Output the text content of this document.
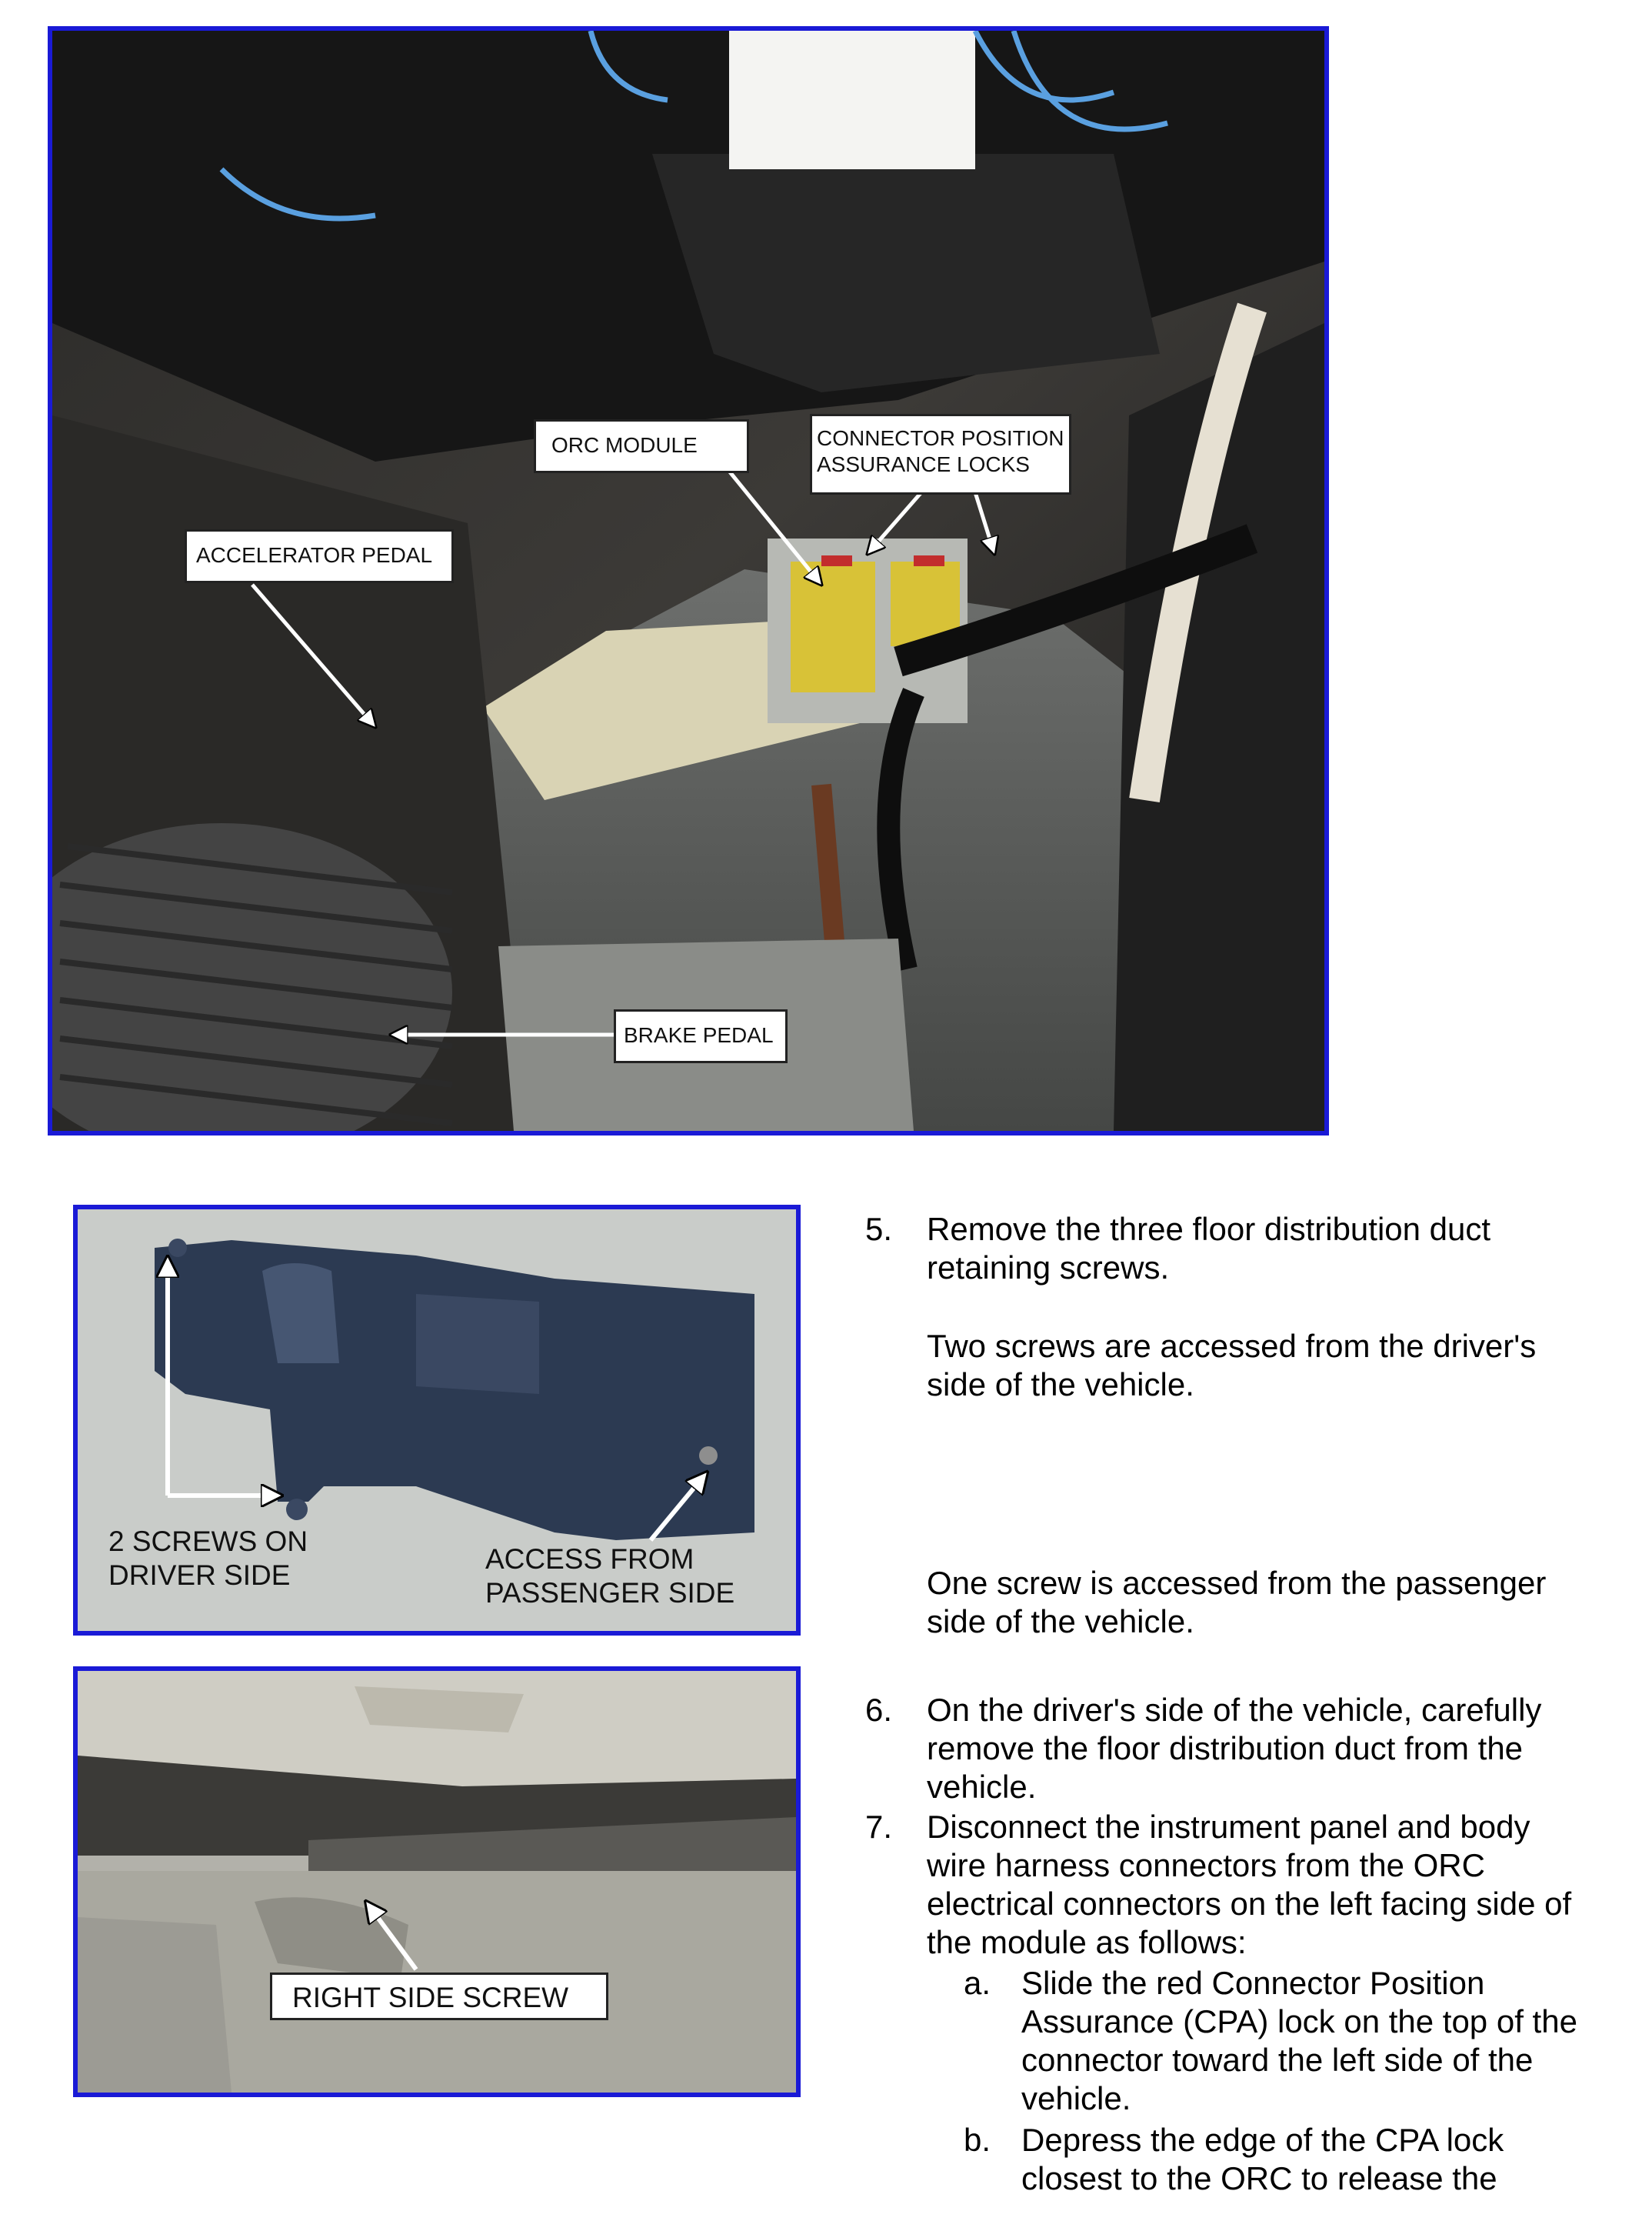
ORC MODULE	CONNECTOR POSITION
ASSURANCE LOCKS
ACCELERATOR PEDAL
BRAKE PEDAL
2 SCREWS ON
DRIVER SIDE
ACCESS FROM
PASSENGER SIDE
RIGHT SIDE SCREW
5. Remove the three floor distribution duct
retaining screws.
Two screws are accessed from the driver's
side of the vehicle.
One screw is accessed from the passenger
side of the vehicle.
6. On the driver's side of the vehicle, carefully
remove the floor distribution duct from the
vehicle.
7. Disconnect the instrument panel and body
wire harness connectors from the ORC
electrical connectors on the left facing side of
the module as follows:
a. Slide the red Connector Position
Assurance (CPA) lock on the top of the
connector toward the left side of the
vehicle.
b. Depress the edge of the CPA lock
closest to the ORC to release the
